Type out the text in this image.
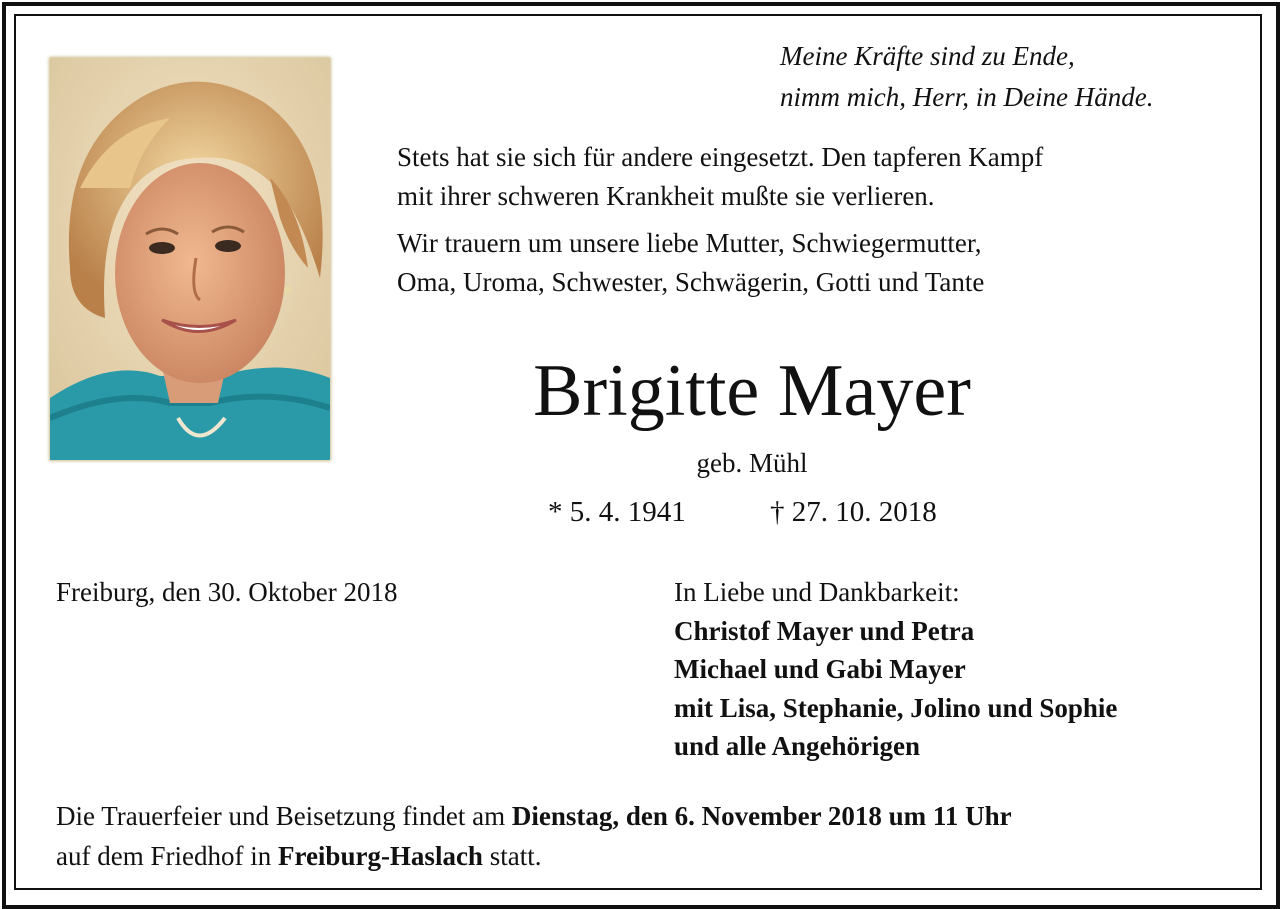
Meine Kräfte sind zu Ende,
nimm mich, Herr, in Deine Hände.
Stets hat sie sich für andere eingesetzt. Den tapferen Kampf
mit ihrer schweren Krankheit mußte sie verlieren.
Wir trauern um unsere liebe Mutter, Schwiegermutter,
Oma, Uroma, Schwester, Schwägerin, Gotti und Tante
Brigitte Mayer
geb. Mühl
* 5. 4. 1941	† 27. 10. 2018
Freiburg, den 30. Oktober 2018	In Liebe und Dankbarkeit:
Christof Mayer und Petra
Michael und Gabi Mayer
mit Lisa, Stephanie, Jolino und Sophie
und alle Angehörigen
Die Trauerfeier und Beisetzung findet am Dienstag, den 6. November 2018 um 11 Uhr
auf dem Friedhof in Freiburg-Haslach statt.
